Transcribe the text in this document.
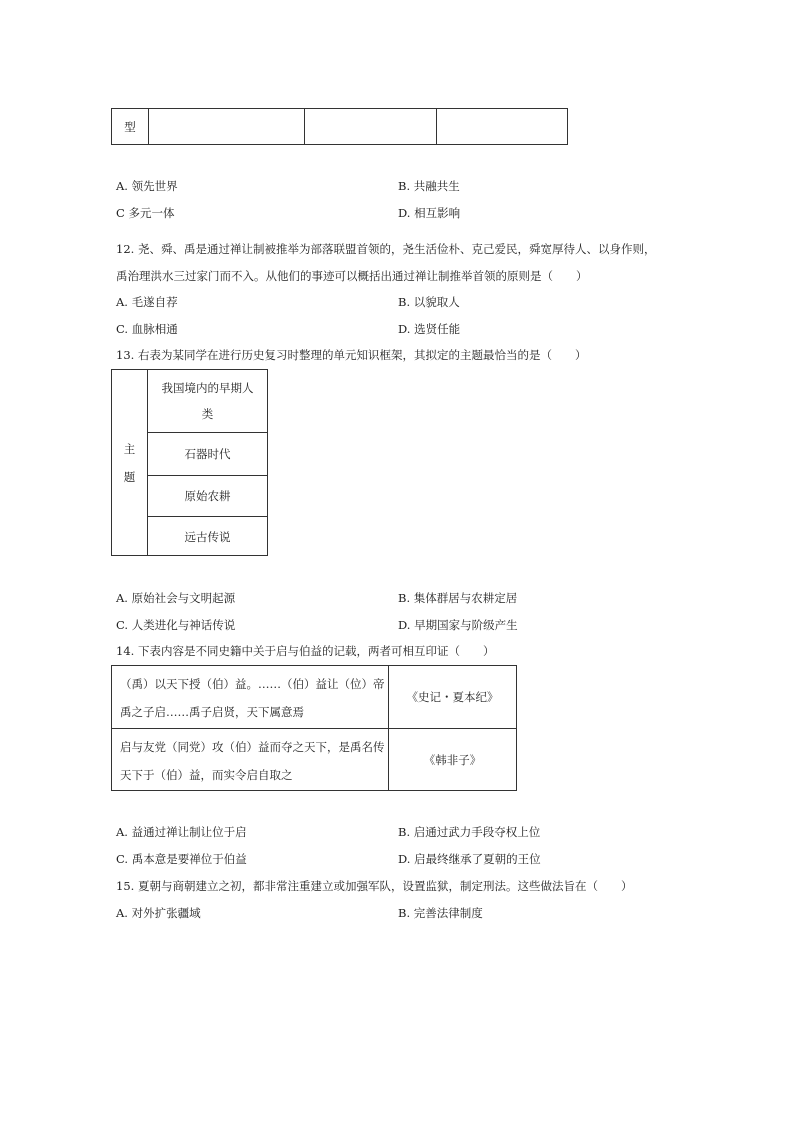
型
A. 领先世界	B. 共融共生
C 多元一体	D. 相互影响
12. 尧、舜、禹是通过禅让制被推举为部落联盟首领的，尧生活俭朴、克己爱民，舜宽厚待人、以身作则，
禹治理洪水三过家门而不入。从他们的事迹可以概括出通过禅让制推举首领的原则是（　　）
A. 毛遂自荐	B. 以貌取人
C. 血脉相通	D. 选贤任能
13. 右表为某同学在进行历史复习时整理的单元知识框架，其拟定的主题最恰当的是（　　）
主
题
我国境内的早期人类
石器时代
原始农耕
远古传说
A. 原始社会与文明起源	B. 集体群居与农耕定居
C. 人类进化与神话传说	D. 早期国家与阶级产生
14. 下表内容是不同史籍中关于启与伯益的记载，两者可相互印证（　　）
（禹）以天下授（伯）益。……（伯）益让（位）帝禹之子启……禹子启贤，天下属意焉
《史记・夏本纪》
启与友党（同党）攻（伯）益而夺之天下，是禹名传天下于（伯）益，而实令启自取之
《韩非子》
A. 益通过禅让制让位于启	B. 启通过武力手段夺权上位
C. 禹本意是要禅位于伯益	D. 启最终继承了夏朝的王位
15. 夏朝与商朝建立之初，都非常注重建立或加强军队，设置监狱，制定刑法。这些做法旨在（　　）
A. 对外扩张疆域	B. 完善法律制度
